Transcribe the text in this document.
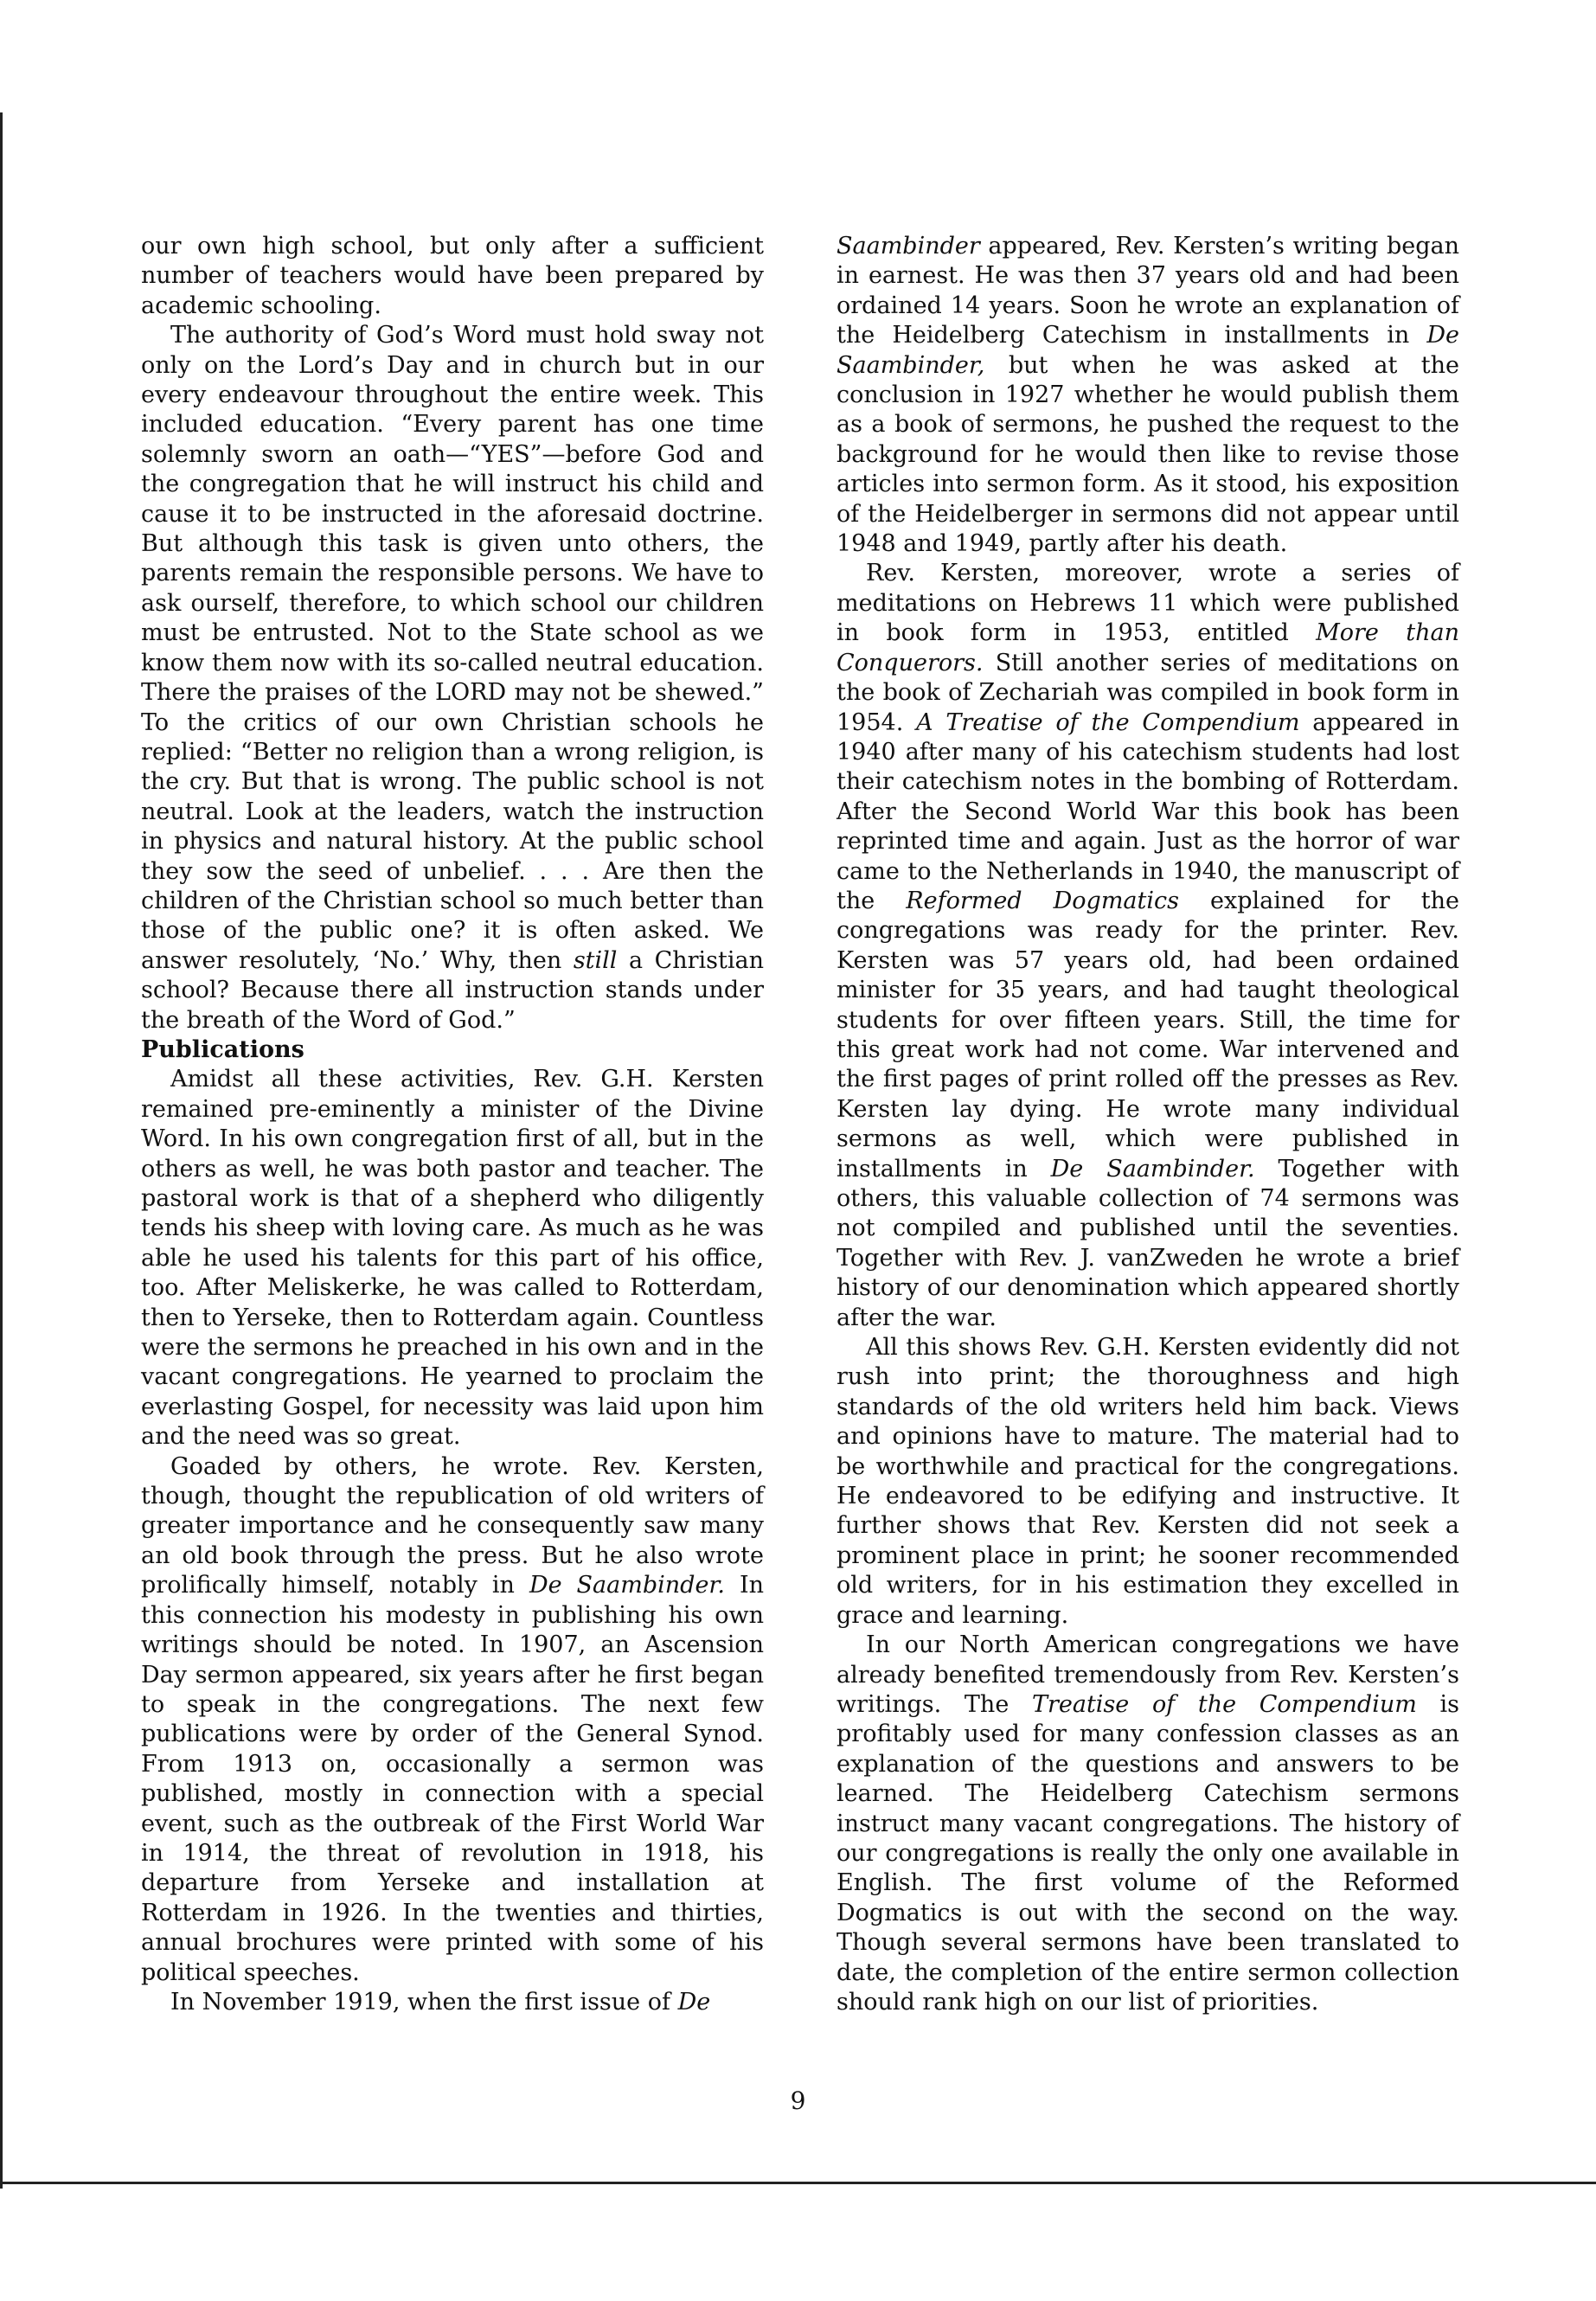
our own high school, but only after a sufficient number of teachers would have been prepared by academic schooling.

The authority of God’s Word must hold sway not only on the Lord’s Day and in church but in our every endeavour throughout the entire week. This included education. “Every parent has one time solemnly sworn an oath—“YES”—before God and the congregation that he will instruct his child and cause it to be instructed in the aforesaid doctrine. But although this task is given unto others, the parents remain the responsible persons. We have to ask ourself, therefore, to which school our children must be entrusted. Not to the State school as we know them now with its so-called neutral education. There the praises of the LORD may not be shewed.” To the critics of our own Christian schools he replied: “Better no religion than a wrong religion, is the cry. But that is wrong. The public school is not neutral. Look at the leaders, watch the instruction in physics and natural history. At the public school they sow the seed of unbelief. . . . Are then the children of the Christian school so much better than those of the public one? it is often asked. We answer resolutely, ‘No.’ Why, then still a Christian school? Because there all instruction stands under the breath of the Word of God.”

Publications

Amidst all these activities, Rev. G.H. Kersten remained pre-eminently a minister of the Divine Word. In his own congregation first of all, but in the others as well, he was both pastor and teacher. The pastoral work is that of a shepherd who diligently tends his sheep with loving care. As much as he was able he used his talents for this part of his office, too. After Meliskerke, he was called to Rotterdam, then to Yerseke, then to Rotterdam again. Countless were the sermons he preached in his own and in the vacant congregations. He yearned to proclaim the everlasting Gospel, for necessity was laid upon him and the need was so great.

Goaded by others, he wrote. Rev. Kersten, though, thought the republication of old writers of greater importance and he consequently saw many an old book through the press. But he also wrote prolifically himself, notably in De Saambinder. In this connection his modesty in publishing his own writings should be noted. In 1907, an Ascension Day sermon appeared, six years after he first began to speak in the congregations. The next few publications were by order of the General Synod. From 1913 on, occasionally a sermon was published, mostly in connection with a special event, such as the outbreak of the First World War in 1914, the threat of revolution in 1918, his departure from Yerseke and installation at Rotterdam in 1926. In the twenties and thirties, annual brochures were printed with some of his political speeches.

In November 1919, when the first issue of De

Saambinder appeared, Rev. Kersten’s writing began in earnest. He was then 37 years old and had been ordained 14 years. Soon he wrote an explanation of the Heidelberg Catechism in installments in De Saambinder, but when he was asked at the conclusion in 1927 whether he would publish them as a book of sermons, he pushed the request to the background for he would then like to revise those articles into sermon form. As it stood, his exposition of the Heidelberger in sermons did not appear until 1948 and 1949, partly after his death.

Rev. Kersten, moreover, wrote a series of meditations on Hebrews 11 which were published in book form in 1953, entitled More than Conquerors. Still another series of meditations on the book of Zechariah was compiled in book form in 1954. A Treatise of the Compendium appeared in 1940 after many of his catechism students had lost their catechism notes in the bombing of Rotterdam. After the Second World War this book has been reprinted time and again. Just as the horror of war came to the Netherlands in 1940, the manuscript of the Reformed Dogmatics explained for the congregations was ready for the printer. Rev. Kersten was 57 years old, had been ordained minister for 35 years, and had taught theological students for over fifteen years. Still, the time for this great work had not come. War intervened and the first pages of print rolled off the presses as Rev. Kersten lay dying. He wrote many individual sermons as well, which were published in installments in De Saambinder. Together with others, this valuable collection of 74 sermons was not compiled and published until the seventies. Together with Rev. J. vanZweden he wrote a brief history of our denomination which appeared shortly after the war.

All this shows Rev. G.H. Kersten evidently did not rush into print; the thoroughness and high standards of the old writers held him back. Views and opinions have to mature. The material had to be worthwhile and practical for the congregations. He endeavored to be edifying and instructive. It further shows that Rev. Kersten did not seek a prominent place in print; he sooner recommended old writers, for in his estimation they excelled in grace and learning.

In our North American congregations we have already benefited tremendously from Rev. Kersten’s writings. The Treatise of the Compendium is profitably used for many confession classes as an explanation of the questions and answers to be learned. The Heidelberg Catechism sermons instruct many vacant congregations. The history of our congregations is really the only one available in English. The first volume of the Reformed Dogmatics is out with the second on the way. Though several sermons have been translated to date, the completion of the entire sermon collection should rank high on our list of priorities.

9
